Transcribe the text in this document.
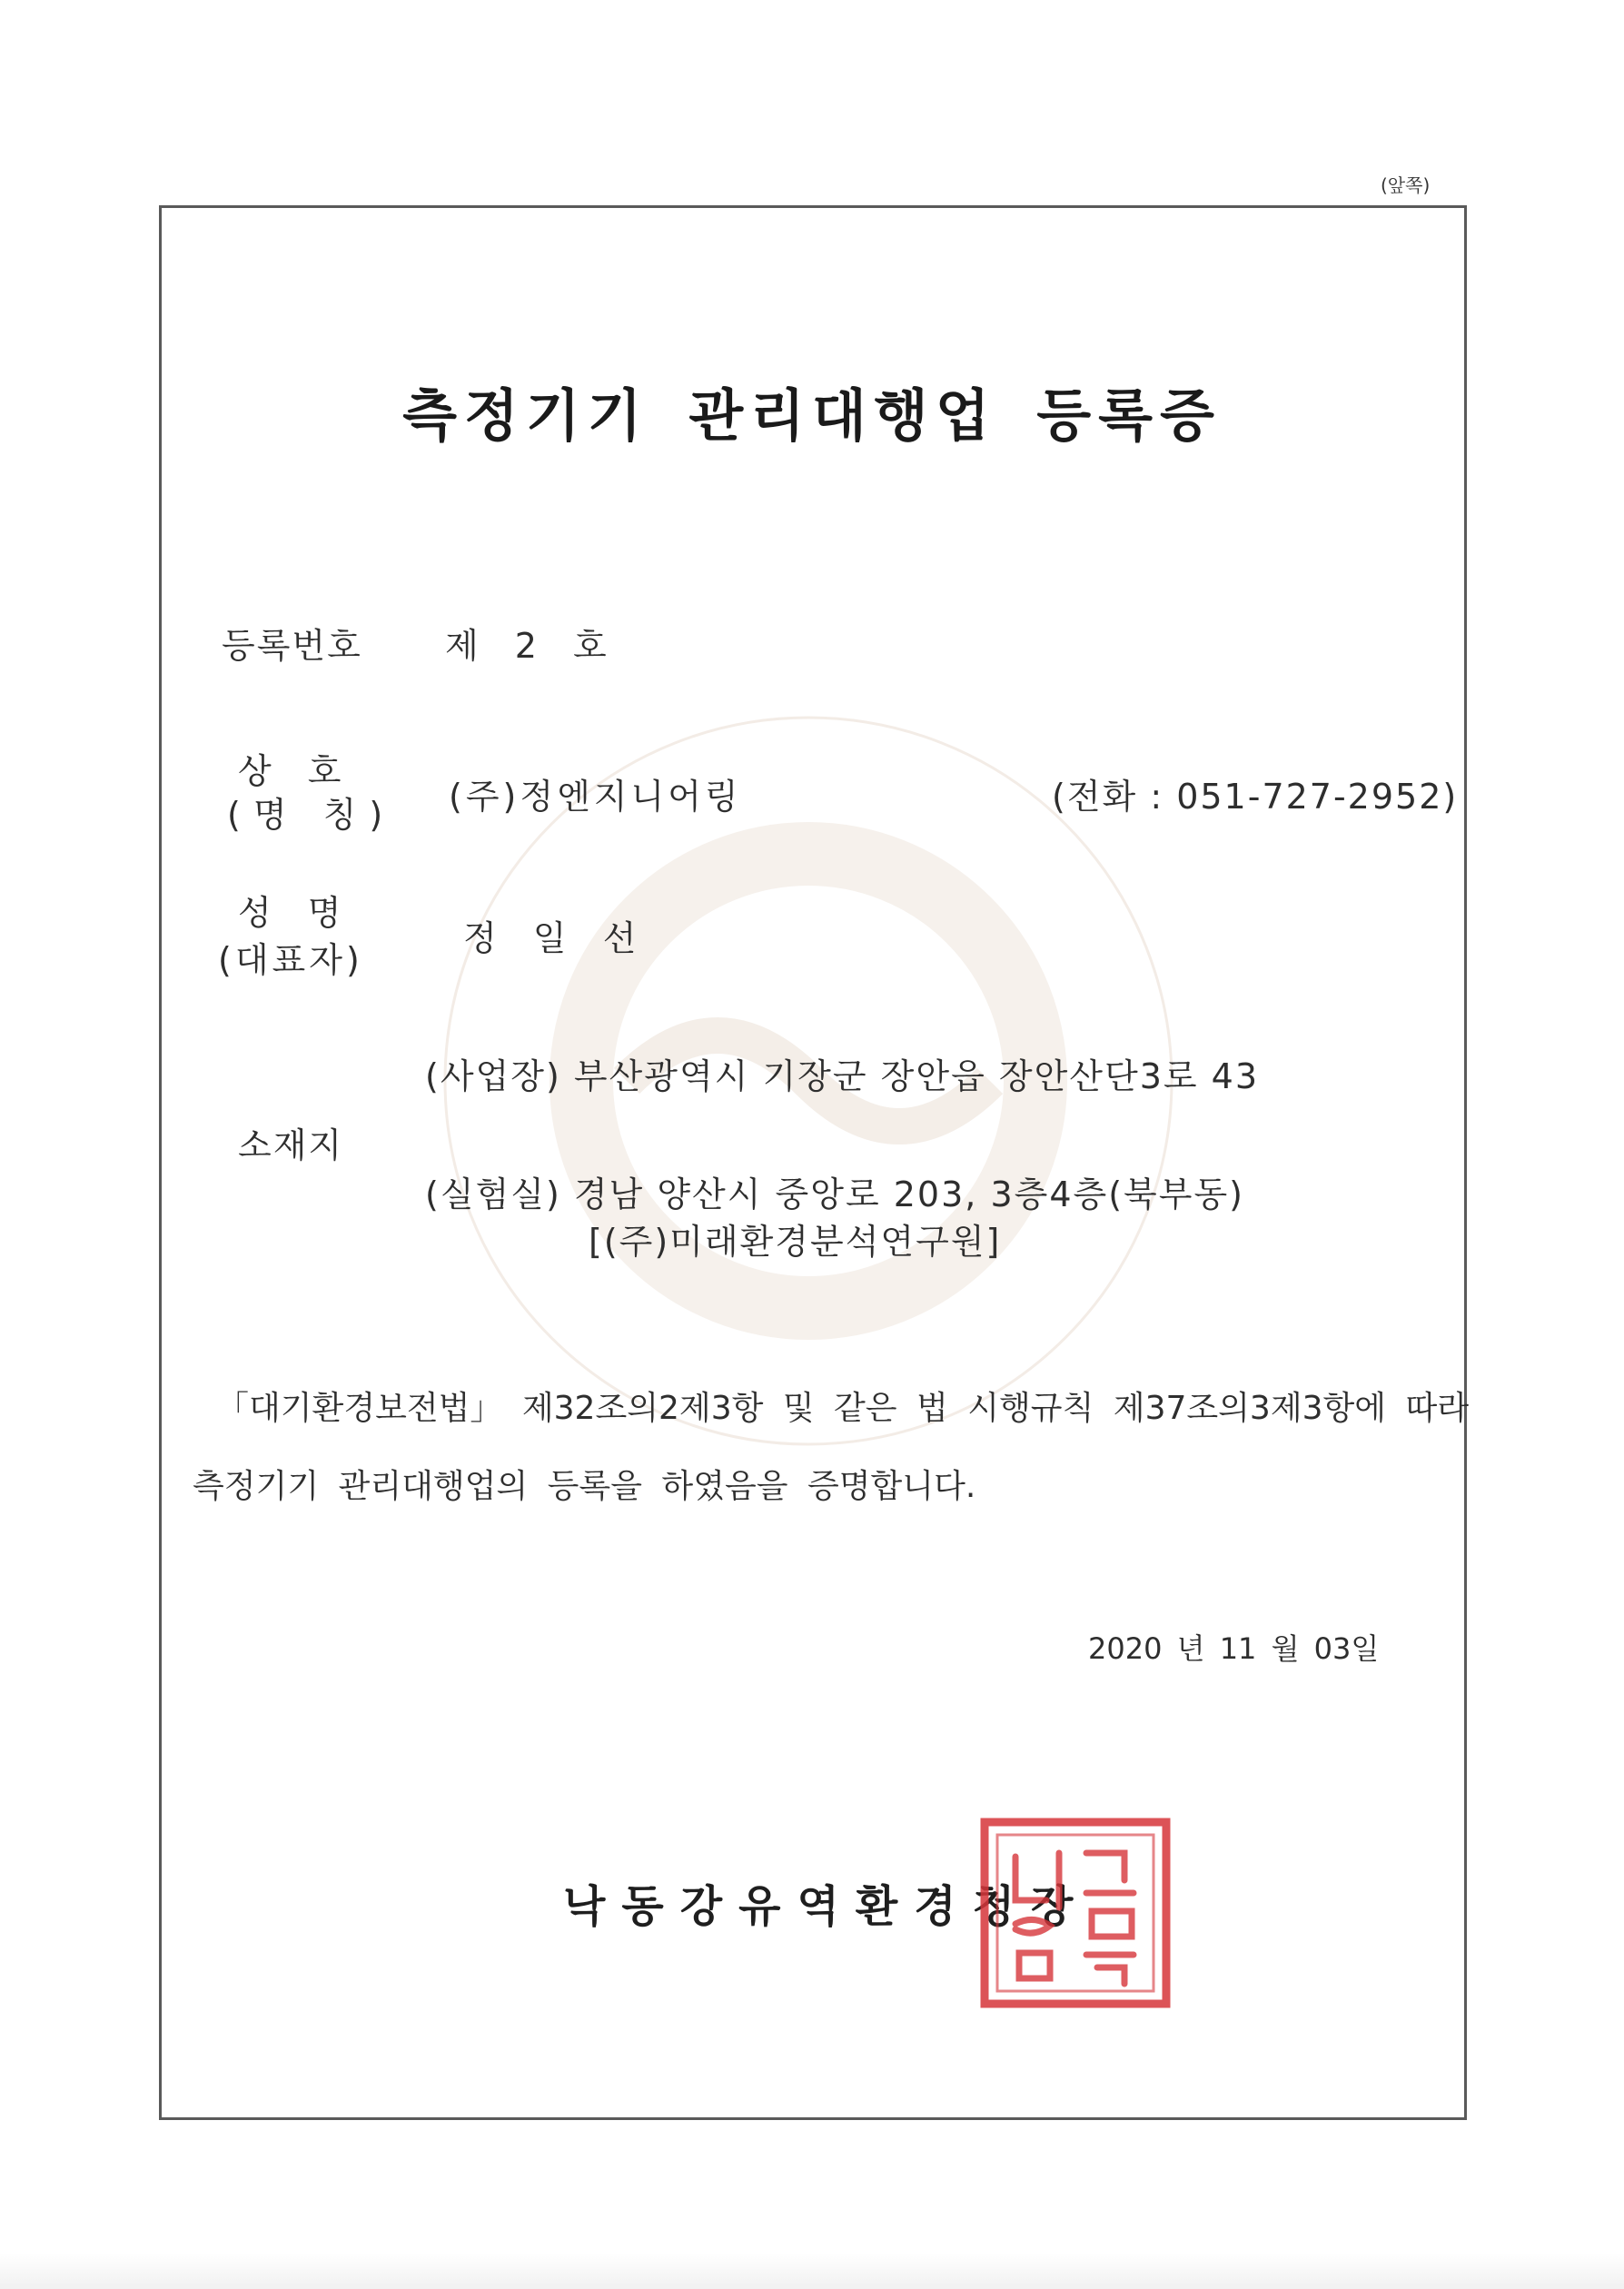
(앞쪽)
측정기기 관리대행업 등록증
등록번호 제 2 호
상 호
(명 칭) (주)정엔지니어링	(전화 : 051-727-2952)
성 명
(대표자)
정 일 선
소재지
(사업장) 부산광역시 기장군 장안읍 장안산단3로 43
(실험실) 경남 양산시 중앙로 203, 3층4층(북부동)
[(주)미래환경분석연구원]
「대기환경보전법」 제32조의2제3항 및 같은 법 시행규칙 제37조의3제3항에 따라
측정기기 관리대행업의 등록을 하였음을 증명합니다.
2020 년 11 월 03일
낙동강유역환경청장
